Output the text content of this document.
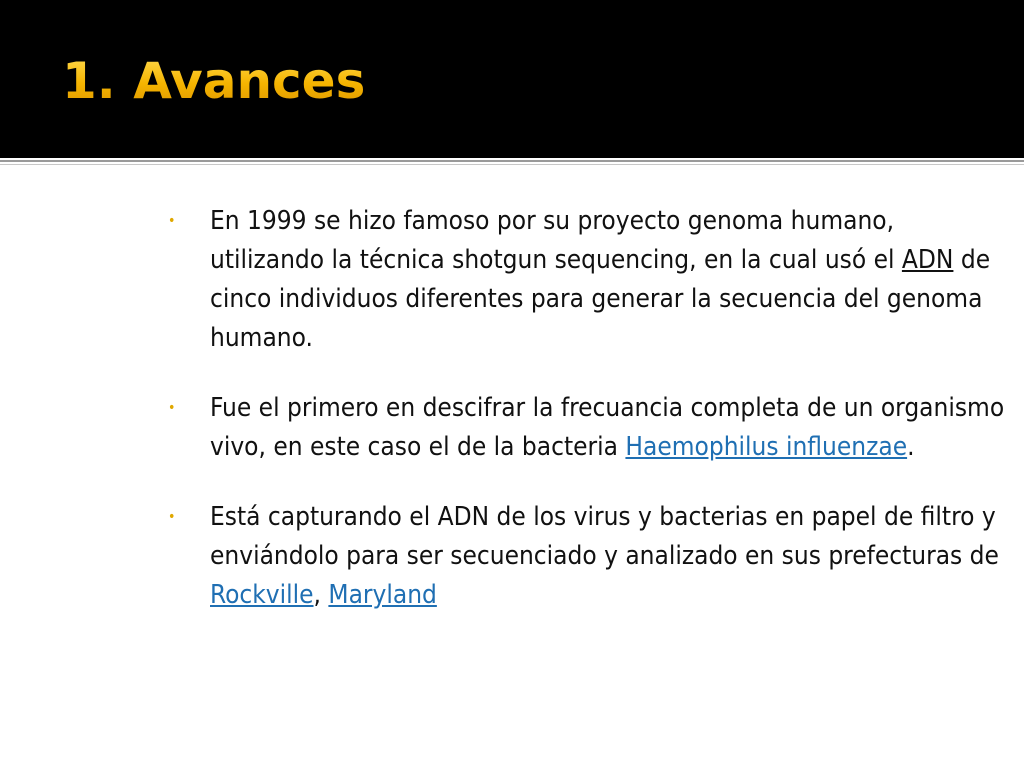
1. Avances
•	En 1999 se hizo famoso por su proyecto genoma humano, utilizando la técnica shotgun sequencing, en la cual usó el ADN de cinco individuos diferentes para generar la secuencia del genoma humano.
•	Fue el primero en descifrar la frecuancia completa de un organismo vivo, en este caso el de la bacteria Haemophilus influenzae.
•	Está capturando el ADN de los virus y bacterias en papel de filtro y enviándolo para ser secuenciado y analizado en sus prefecturas de Rockville, Maryland
